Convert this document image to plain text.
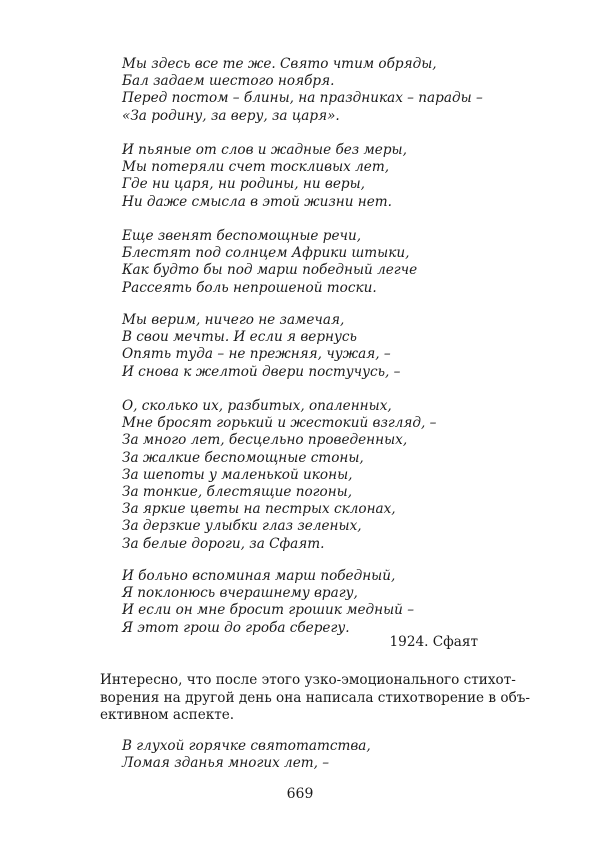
Мы здесь все те же. Свято чтим обряды,
Бал задаем шестого ноября.
Перед постом – блины, на праздниках – парады –
«За родину, за веру, за царя».
И пьяные от слов и жадные без меры,
Мы потеряли счет тоскливых лет,
Где ни царя, ни родины, ни веры,
Ни даже смысла в этой жизни нет.
Еще звенят беспомощные речи,
Блестят под солнцем Африки штыки,
Как будто бы под марш победный легче
Рассеять боль непрошеной тоски.
Мы верим, ничего не замечая,
В свои мечты. И если я вернусь
Опять туда – не прежняя, чужая, –
И снова к желтой двери постучусь, –
О, сколько их, разбитых, опаленных,
Мне бросят горький и жестокий взгляд, –
За много лет, бесцельно проведенных,
За жалкие беспомощные стоны,
За шепоты у маленькой иконы,
За тонкие, блестящие погоны,
За яркие цветы на пестрых склонах,
За дерзкие улыбки глаз зеленых,
За белые дороги, за Сфаят.
И больно вспоминая марш победный,
Я поклонюсь вчерашнему врагу,
И если он мне бросит грошик медный –
Я этот грош до гроба сберегу.
1924. Сфаят
Интересно, что после этого узко-эмоционального стихот-
ворения на другой день она написала стихотворение в объ-
ективном аспекте.
В глухой горячке святотатства,
Ломая зданья многих лет, –
669
